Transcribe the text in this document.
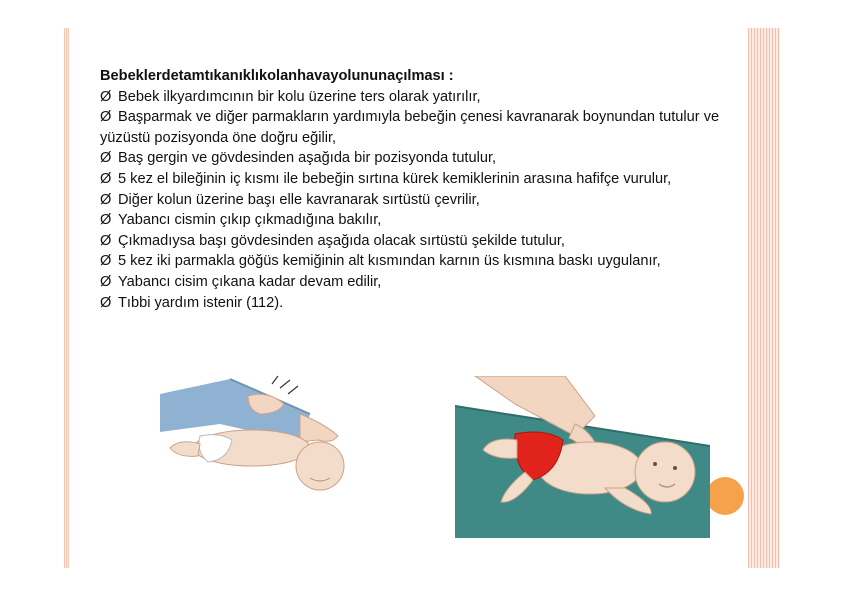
Bebeklerdetamtıkanıklıkolanhavayolununaçılması :
Ø Bebek ilkyardımcının bir kolu üzerine ters olarak yatırılır,
Ø Başparmak ve diğer parmakların yardımıyla bebeğin çenesi kavranarak boynundan tutulur ve yüzüstü pozisyonda öne doğru eğilir,
Ø Baş gergin ve gövdesinden aşağıda bir pozisyonda tutulur,
Ø 5 kez el bileğinin iç kısmı ile bebeğin sırtına kürek kemiklerinin arasına hafifçe vurulur,
Ø Diğer kolun üzerine başı elle kavranarak sırtüstü çevrilir,
Ø Yabancı cismin çıkıp çıkmadığına bakılır,
Ø Çıkmadıysa başı gövdesinden aşağıda olacak sırtüstü şekilde tutulur,
Ø 5 kez iki parmakla göğüs kemiğinin alt kısmından karnın üs kısmına baskı uygulanır,
Ø Yabancı cisim çıkana kadar devam edilir,
Ø Tıbbi yardım istenir (112).
